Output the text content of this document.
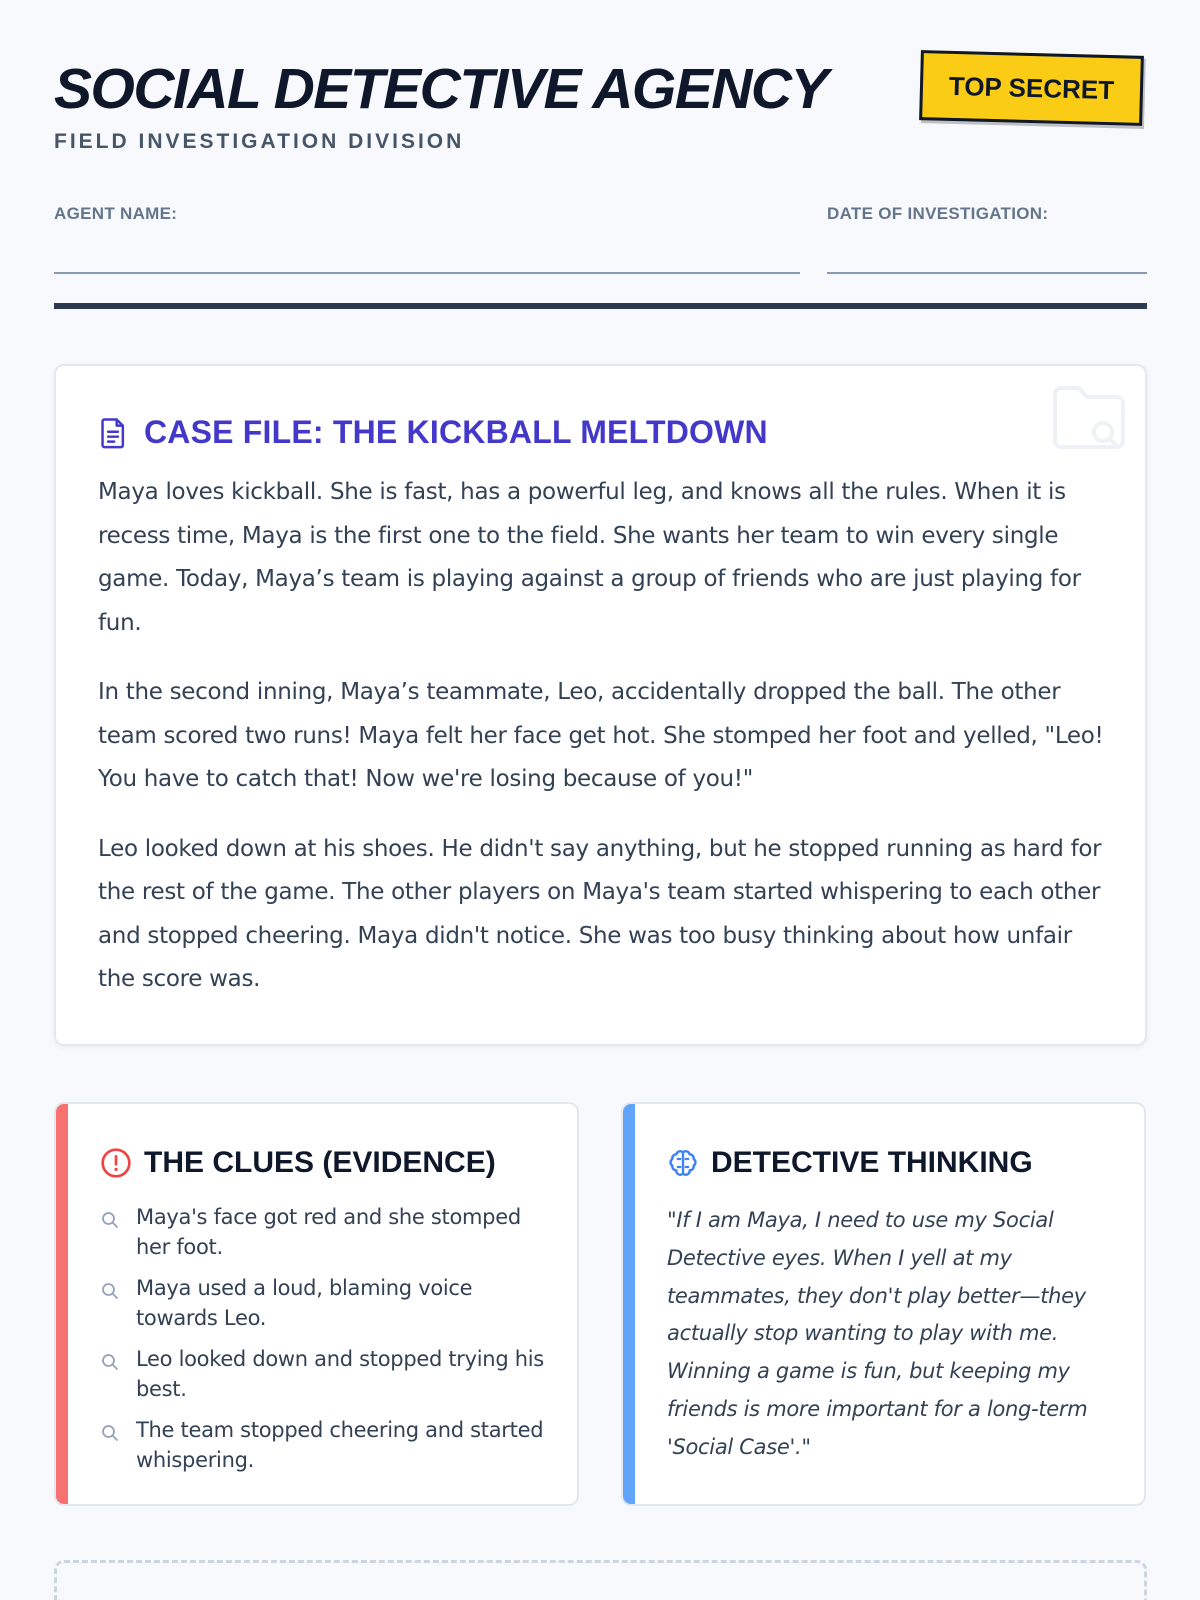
SOCIAL DETECTIVE AGENCY
FIELD INVESTIGATION DIVISION
TOP SECRET
AGENT NAME:	DATE OF INVESTIGATION:
CASE FILE: THE KICKBALL MELTDOWN

Maya loves kickball. She is fast, has a powerful leg, and knows all the rules. When it is recess time, Maya is the first one to the field. She wants her team to win every single game. Today, Maya’s team is playing against a group of friends who are just playing for fun.

In the second inning, Maya’s teammate, Leo, accidentally dropped the ball. The other team scored two runs! Maya felt her face get hot. She stomped her foot and yelled, "Leo! You have to catch that! Now we're losing because of you!"

Leo looked down at his shoes. He didn't say anything, but he stopped running as hard for the rest of the game. The other players on Maya's team started whispering to each other and stopped cheering. Maya didn't notice. She was too busy thinking about how unfair the score was.

THE CLUES (EVIDENCE)
Maya's face got red and she stomped her foot.
Maya used a loud, blaming voice towards Leo.
Leo looked down and stopped trying his best.
The team stopped cheering and started whispering.
DETECTIVE THINKING

"If I am Maya, I need to use my Social Detective eyes. When I yell at my teammates, they don't play better—they actually stop wanting to play with me. Winning a game is fun, but keeping my friends is more important for a long-term 'Social Case'."
